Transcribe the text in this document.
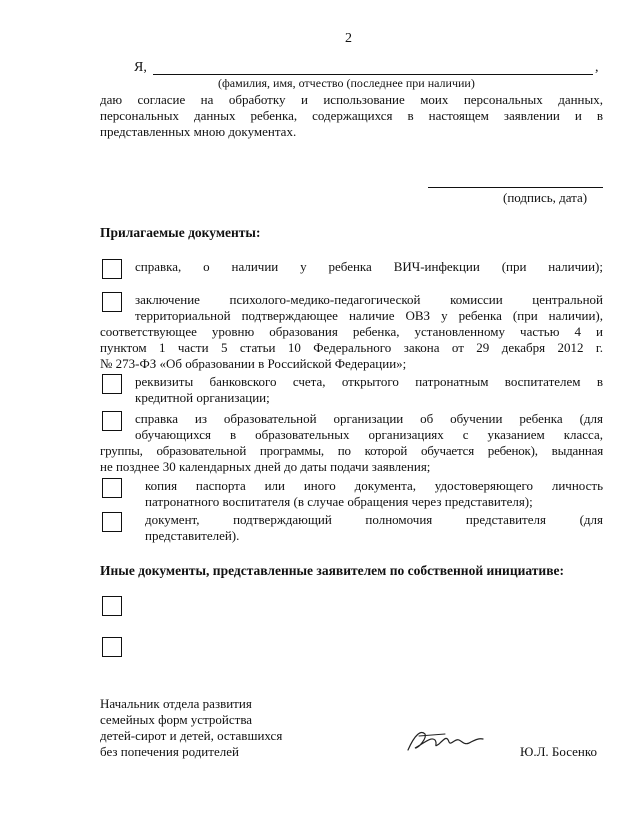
2
Я,	,
(фамилия, имя, отчество (последнее при наличии)
даю согласие на обработку и использование моих персональных данных,
персональных данных ребенка, содержащихся в настоящем заявлении и в
представленных мною документах.
(подпись, дата)
Прилагаемые документы:
справка, о наличии у ребенка ВИЧ-инфекции (при наличии);
заключение психолого-медико-педагогической комиссии центральной
территориальной подтверждающее наличие ОВЗ у ребенка (при наличии),
соответствующее уровню образования ребенка, установленному частью 4 и
пунктом 1 части 5 статьи 10 Федерального закона от 29 декабря 2012 г.
№ 273-ФЗ «Об образовании в Российской Федерации»;
реквизиты банковского счета, открытого патронатным воспитателем в
кредитной организации;
справка из образовательной организации об обучении ребенка (для
обучающихся в образовательных организациях с указанием класса,
группы, образовательной программы, по которой обучается ребенок), выданная
не позднее 30 календарных дней до даты подачи заявления;
копия паспорта или иного документа, удостоверяющего личность
патронатного воспитателя (в случае обращения через представителя);
документ, подтверждающий полномочия представителя (для
представителей).
Иные документы, представленные заявителем по собственной инициативе:
Начальник отдела развития
семейных форм устройства
детей-сирот и детей, оставшихся
без попечения родителей	Ю.Л. Босенко
